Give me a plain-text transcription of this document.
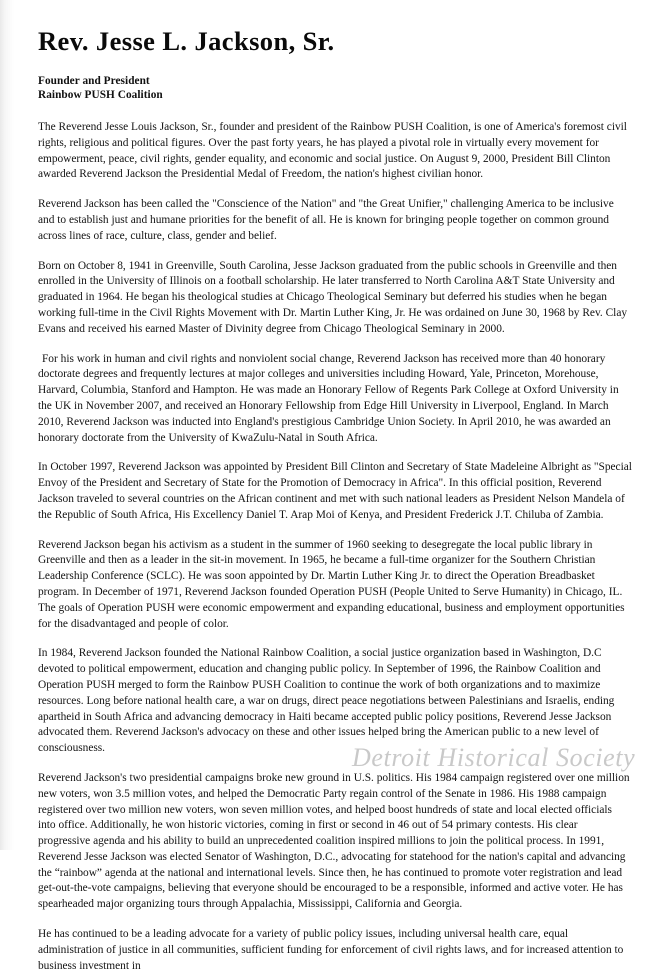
Rev. Jesse L. Jackson, Sr.
Founder and President
Rainbow PUSH Coalition

The Reverend Jesse Louis Jackson, Sr., founder and president of the Rainbow PUSH Coalition, is one of America's foremost civil rights, religious and political figures. Over the past forty years, he has played a pivotal role in virtually every movement for empowerment, peace, civil rights, gender equality, and economic and social justice. On August 9, 2000, President Bill Clinton awarded Reverend Jackson the Presidential Medal of Freedom, the nation's highest civilian honor.

Reverend Jackson has been called the "Conscience of the Nation" and "the Great Unifier," challenging America to be inclusive and to establish just and humane priorities for the benefit of all. He is known for bringing people together on common ground across lines of race, culture, class, gender and belief.

Born on October 8, 1941 in Greenville, South Carolina, Jesse Jackson graduated from the public schools in Greenville and then enrolled in the University of Illinois on a football scholarship. He later transferred to North Carolina A&T State University and graduated in 1964. He began his theological studies at Chicago Theological Seminary but deferred his studies when he began working full-time in the Civil Rights Movement with Dr. Martin Luther King, Jr. He was ordained on June 30, 1968 by Rev. Clay Evans and received his earned Master of Divinity degree from Chicago Theological Seminary in 2000.

For his work in human and civil rights and nonviolent social change, Reverend Jackson has received more than 40 honorary doctorate degrees and frequently lectures at major colleges and universities including Howard, Yale, Princeton, Morehouse, Harvard, Columbia, Stanford and Hampton. He was made an Honorary Fellow of Regents Park College at Oxford University in the UK in November 2007, and received an Honorary Fellowship from Edge Hill University in Liverpool, England. In March 2010, Reverend Jackson was inducted into England's prestigious Cambridge Union Society. In April 2010, he was awarded an honorary doctorate from the University of KwaZulu-Natal in South Africa.

In October 1997, Reverend Jackson was appointed by President Bill Clinton and Secretary of State Madeleine Albright as "Special Envoy of the President and Secretary of State for the Promotion of Democracy in Africa". In this official position, Reverend Jackson traveled to several countries on the African continent and met with such national leaders as President Nelson Mandela of the Republic of South Africa, His Excellency Daniel T. Arap Moi of Kenya, and President Frederick J.T. Chiluba of Zambia.

Reverend Jackson began his activism as a student in the summer of 1960 seeking to desegregate the local public library in Greenville and then as a leader in the sit-in movement. In 1965, he became a full-time organizer for the Southern Christian Leadership Conference (SCLC). He was soon appointed by Dr. Martin Luther King Jr. to direct the Operation Breadbasket program. In December of 1971, Reverend Jackson founded Operation PUSH (People United to Serve Humanity) in Chicago, IL. The goals of Operation PUSH were economic empowerment and expanding educational, business and employment opportunities for the disadvantaged and people of color.

In 1984, Reverend Jackson founded the National Rainbow Coalition, a social justice organization based in Washington, D.C devoted to political empowerment, education and changing public policy. In September of 1996, the Rainbow Coalition and Operation PUSH merged to form the Rainbow PUSH Coalition to continue the work of both organizations and to maximize resources. Long before national health care, a war on drugs, direct peace negotiations between Palestinians and Israelis, ending apartheid in South Africa and advancing democracy in Haiti became accepted public policy positions, Reverend Jesse Jackson advocated them. Reverend Jackson's advocacy on these and other issues helped bring the American public to a new level of consciousness.

Reverend Jackson's two presidential campaigns broke new ground in U.S. politics. His 1984 campaign registered over one million new voters, won 3.5 million votes, and helped the Democratic Party regain control of the Senate in 1986. His 1988 campaign registered over two million new voters, won seven million votes, and helped boost hundreds of state and local elected officials into office. Additionally, he won historic victories, coming in first or second in 46 out of 54 primary contests. His clear progressive agenda and his ability to build an unprecedented coalition inspired millions to join the political process. In 1991, Reverend Jesse Jackson was elected Senator of Washington, D.C., advocating for statehood for the nation's capital and advancing the “rainbow” agenda at the national and international levels. Since then, he has continued to promote voter registration and lead get-out-the-vote campaigns, believing that everyone should be encouraged to be a responsible, informed and active voter. He has spearheaded major organizing tours through Appalachia, Mississippi, California and Georgia.

He has continued to be a leading advocate for a variety of public policy issues, including universal health care, equal administration of justice in all communities, sufficient funding for enforcement of civil rights laws, and for increased attention to business investment in

Detroit Historical Society
